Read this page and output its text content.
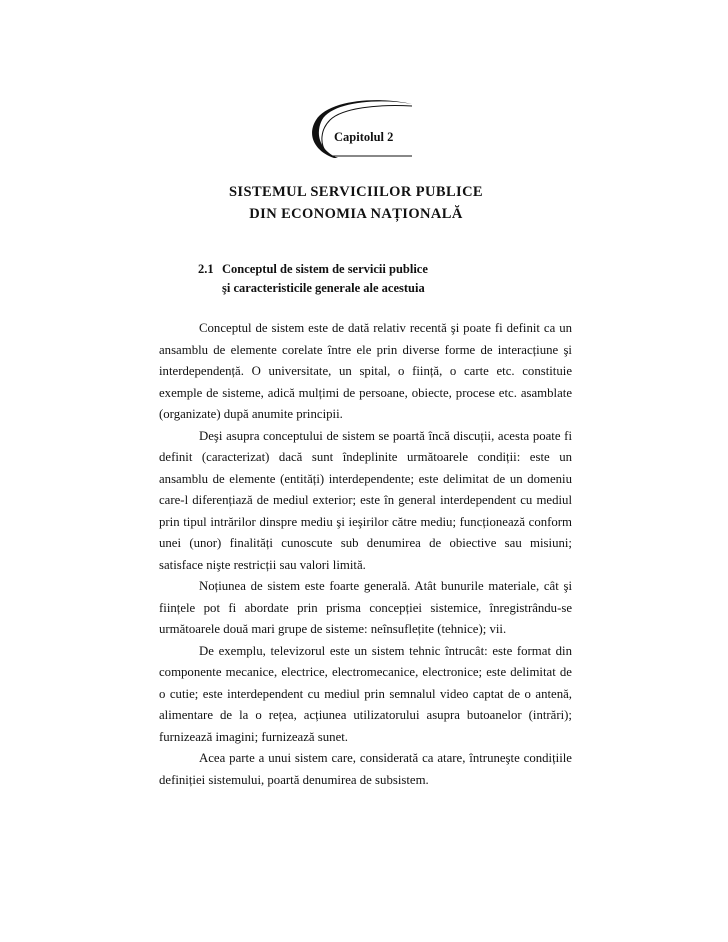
Capitolul 2
SISTEMUL SERVICIILOR PUBLICE
DIN ECONOMIA NAȚIONALĂ
2.1 Conceptul de sistem de servicii publice
şi caracteristicile generale ale acestuia

Conceptul de sistem este de dată relativ recentă şi poate fi definit ca un ansamblu de elemente corelate între ele prin diverse forme de interacțiune şi interdependență. O universitate, un spital, o ființă, o carte etc. constituie exemple de sisteme, adică mulțimi de persoane, obiecte, procese etc. asamblate (organizate) după anumite principii.

Deşi asupra conceptului de sistem se poartă încă discuții, acesta poate fi definit (caracterizat) dacă sunt îndeplinite următoarele condiții: este un ansamblu de elemente (entități) interdependente; este delimitat de un domeniu care-l diferențiază de mediul exterior; este în general interdependent cu mediul prin tipul intrărilor dinspre mediu şi ieşirilor către mediu; funcționează conform unei (unor) finalități cunoscute sub denumirea de obiective sau misiuni; satisface nişte restricții sau valori limită.

Noțiunea de sistem este foarte generală. Atât bunurile materiale, cât şi ființele pot fi abordate prin prisma concepției sistemice, înregistrându-se următoarele două mari grupe de sisteme: neînsuflețite (tehnice); vii.

De exemplu, televizorul este un sistem tehnic întrucât: este format din componente mecanice, electrice, electromecanice, electronice; este delimitat de o cutie; este interdependent cu mediul prin semnalul video captat de o antenă, alimentare de la o rețea, acțiunea utilizatorului asupra butoanelor (intrări); furnizează imagini; furnizează sunet.

Acea parte a unui sistem care, considerată ca atare, întruneşte condițiile definiției sistemului, poartă denumirea de subsistem.
